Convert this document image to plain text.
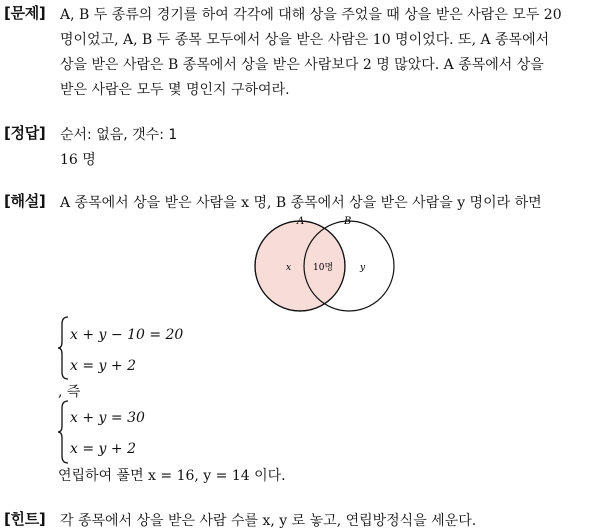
[문제] A, B 두 종류의 경기를 하여 각각에 대해 상을 주었을 때 상을 받은 사람은 모두 20
명이었고, A, B 두 종목 모두에서 상을 받은 사람은 10 명이었다. 또, A 종목에서
상을 받은 사람은 B 종목에서 상을 받은 사람보다 2 명 많았다. A 종목에서 상을
받은 사람은 모두 몇 명인지 구하여라.
[정답] 순서: 없음, 갯수: 1
16 명
[해설] A 종목에서 상을 받은 사람을 x 명, B 종목에서 상을 받은 사람을 y 명이라 하면
A	B
x 10명	y
x + y − 10 = 20
x = y + 2
, 즉
x + y = 30
x = y + 2
연립하여 풀면 x = 16, y = 14 이다.
[힌트] 각 종목에서 상을 받은 사람 수를 x, y 로 놓고, 연립방정식을 세운다.
